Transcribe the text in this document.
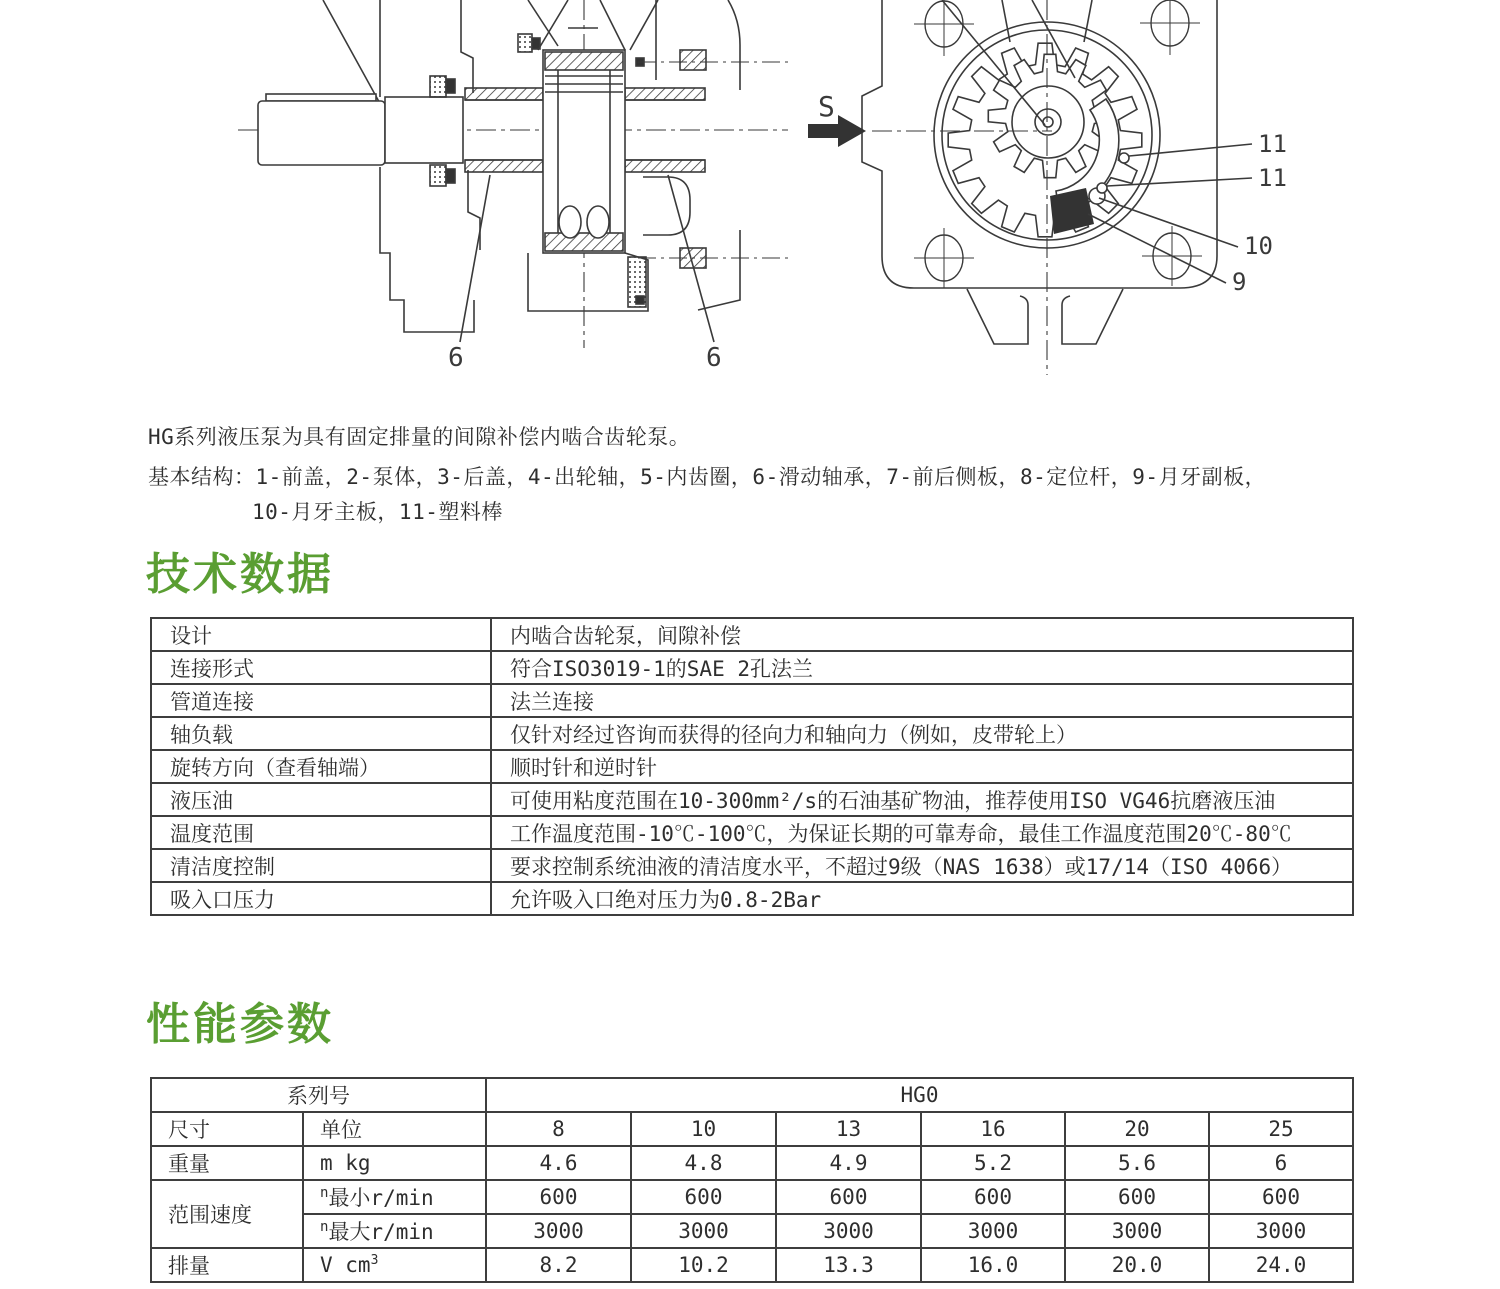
6	6
S
11
11
10
9

HG系列液压泵为具有固定排量的间隙补偿内啮合齿轮泵。

基本结构：1-前盖，2-泵体，3-后盖，4-出轮轴，5-内齿圈，6-滑动轴承，7-前后侧板，8-定位杆，9-月牙副板，
10-月牙主板，11-塑料棒
技术数据
设计	内啮合齿轮泵，间隙补偿
连接形式	符合ISO3019-1的SAE 2孔法兰
管道连接	法兰连接
轴负载	仅针对经过咨询而获得的径向力和轴向力（例如，皮带轮上）
旋转方向（查看轴端）	顺时针和逆时针
液压油	可使用粘度范围在10-300mm²/s的石油基矿物油，推荐使用ISO VG46抗磨液压油
温度范围	工作温度范围-10℃-100℃，为保证长期的可靠寿命，最佳工作温度范围20℃-80℃
清洁度控制	要求控制系统油液的清洁度水平，不超过9级（NAS 1638）或17/14（ISO 4066）
吸入口压力	允许吸入口绝对压力为0.8-2Bar
性能参数
系列号		HG0					
尺寸	单位	8	10	13	16	20	25
重量	m kg	4.6	4.8	4.9	5.2	5.6	6
范围速度	$^n$最小r/min	600	600	600	600	600	600
	$^n$最大r/min	3000	3000	3000	3000	3000	3000
排量	V $cm^3$	8.2	10.2	13.3	16.0	20.0	24.0
